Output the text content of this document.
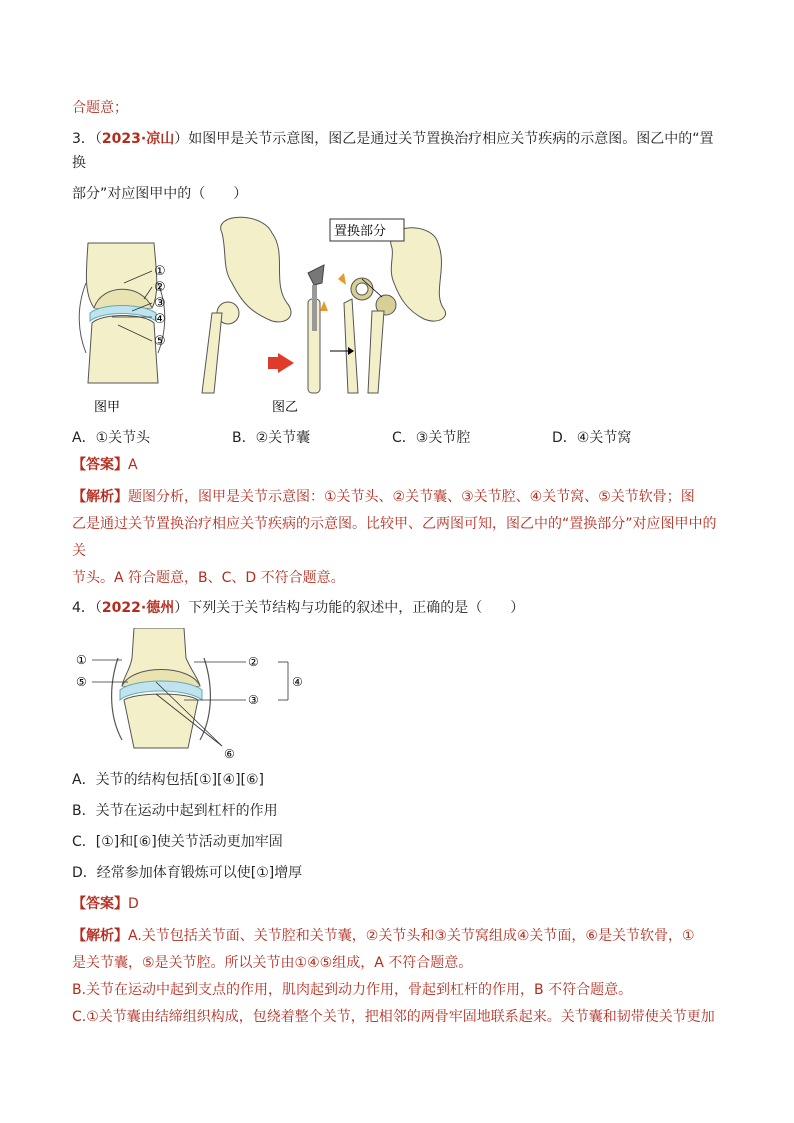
合题意；
3．（2023·凉山）如图甲是关节示意图，图乙是通过关节置换治疗相应关节疾病的示意图。图乙中的“置换
部分”对应图甲中的（　　）
①
②
③
④
⑤
图甲
置换部分
图乙
A．①关节头	B．②关节囊	C．③关节腔	D．④关节窝
【答案】A
【解析】题图分析，图甲是关节示意图：①关节头、②关节囊、③关节腔、④关节窝、⑤关节软骨；图
乙是通过关节置换治疗相应关节疾病的示意图。比较甲、乙两图可知，图乙中的“置换部分”对应图甲中的关
节头。A 符合题意，B、C、D 不符合题意。
4．（2022·德州）下列关于关节结构与功能的叙述中，正确的是（　　）
①
⑤
②
③
④
⑥
A．关节的结构包括[①][④][⑥]
B．关节在运动中起到杠杆的作用
C．[①]和[⑥]使关节活动更加牢固
D．经常参加体育锻炼可以使[①]增厚
【答案】D
【解析】A.关节包括关节面、关节腔和关节囊，②关节头和③关节窝组成④关节面，⑥是关节软骨，①
是关节囊，⑤是关节腔。所以关节由①④⑤组成，A 不符合题意。
B.关节在运动中起到支点的作用，肌肉起到动力作用，骨起到杠杆的作用，B 不符合题意。
C.①关节囊由结缔组织构成，包绕着整个关节，把相邻的两骨牢固地联系起来。关节囊和韧带使关节更加
